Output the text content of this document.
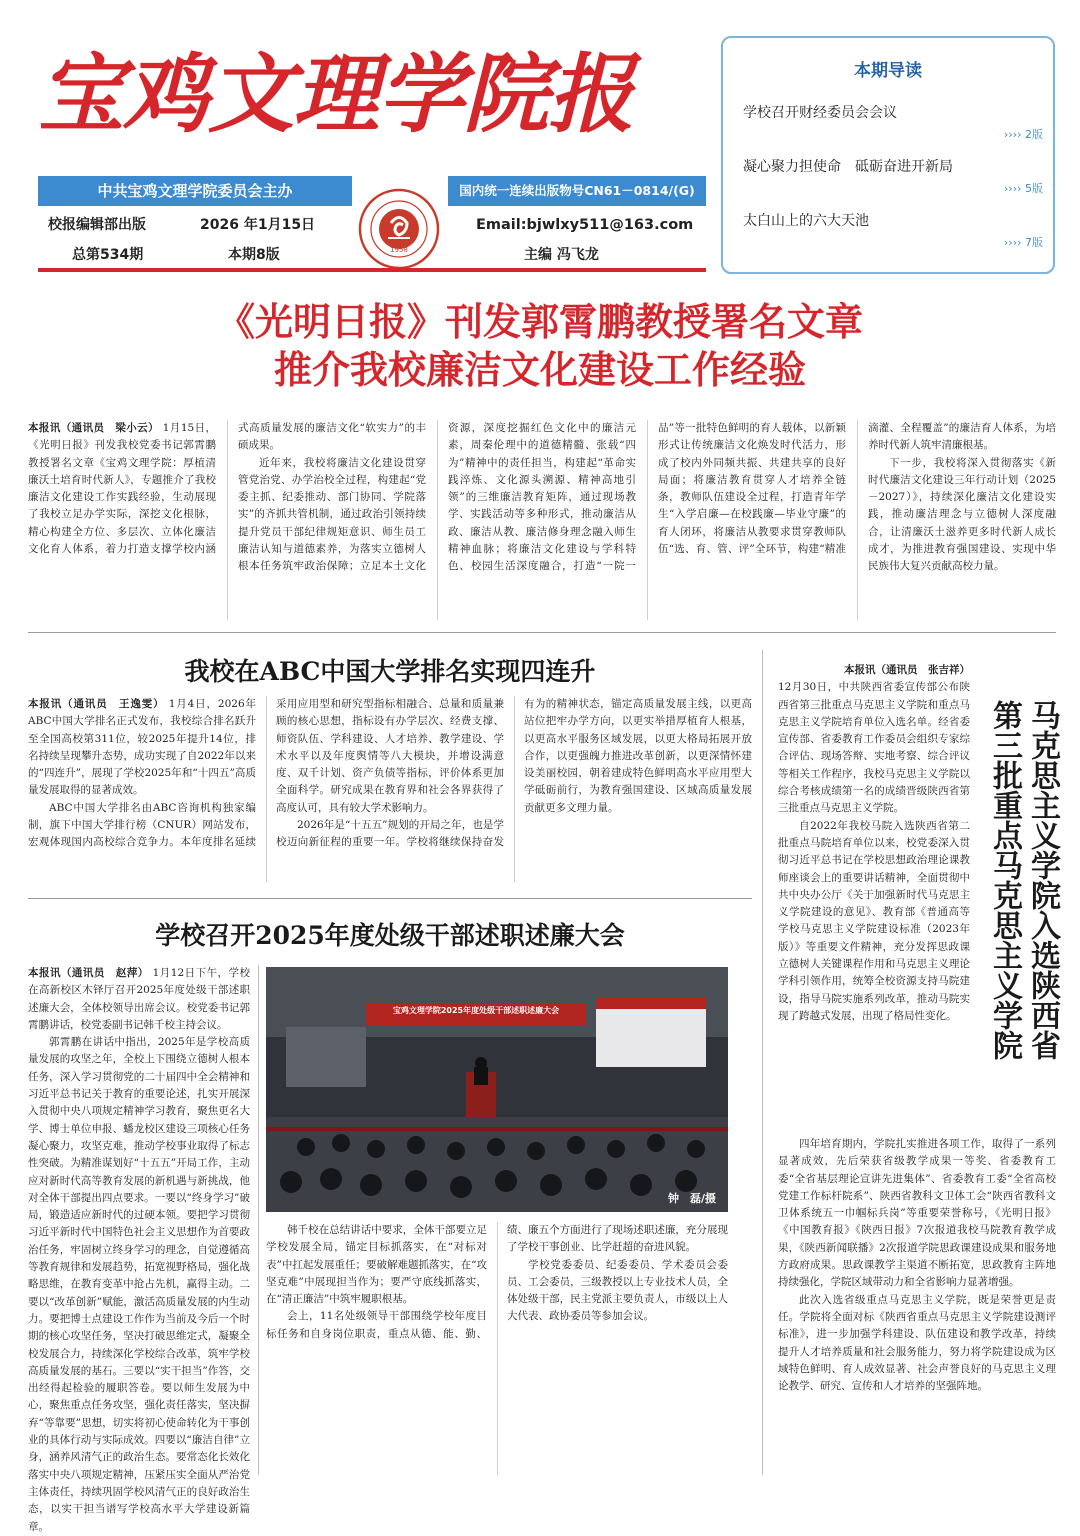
宝鸡文理学院报
中共宝鸡文理学院委员会主办	国内统一连续出版物号CN61－0814/(G)
1958
校报编辑部出版	2026 年1月15日
总第534期	本期8版
Email:bjwlxy511@163.com
主编 冯飞龙
本期导读
学校召开财经委员会会议
›››› 2版
凝心聚力担使命　砥砺奋进开新局
›››› 5版
太白山上的六大天池
›››› 7版
《光明日报》刊发郭霄鹏教授署名文章
推介我校廉洁文化建设工作经验

本报讯（通讯员　梁小云） 1月15日，《光明日报》刊发我校党委书记郭霄鹏教授署名文章《宝鸡文理学院：厚植清廉沃土培育时代新人》，专题推介了我校廉洁文化建设工作实践经验，生动展现了我校立足办学实际，深挖文化根脉，精心构建全方位、多层次、立体化廉洁文化育人体系，着力打造支撑学校内涵式高质量发展的廉洁文化“软实力”的丰硕成果。

近年来，我校将廉洁文化建设贯穿管党治党、办学治校全过程，构建起“党委主抓、纪委推动、部门协同、学院落实”的齐抓共管机制，通过政治引领持续提升党员干部纪律规矩意识、师生员工廉洁认知与道德素养，为落实立德树人根本任务筑牢政治保障；立足本土文化资源，深度挖掘红色文化中的廉洁元素，周秦伦理中的道德精髓、张载“四为”精神中的责任担当，构建起“革命实践淬炼、文化源头溯源、精神高地引领”的三维廉洁教育矩阵，通过现场教学、实践活动等多种形式，推动廉洁从政、廉洁从教、廉洁修身理念融入师生精神血脉；将廉洁文化建设与学科特色、校园生活深度融合，打造“一院一品”等一批特色鲜明的育人载体，以新颖形式让传统廉洁文化焕发时代活力，形成了校内外同频共振、共建共享的良好局面；将廉洁教育贯穿人才培养全链条，教师队伍建设全过程，打造青年学生“入学启廉—在校践廉—毕业守廉”的育人闭环，将廉洁从教要求贯穿教师队伍“选、育、管、评”全环节，构建“精准滴灌、全程覆盖”的廉洁育人体系，为培养时代新人筑牢清廉根基。

下一步，我校将深入贯彻落实《新时代廉洁文化建设三年行动计划（2025－2027）》，持续深化廉洁文化建设实践，推动廉洁理念与立德树人深度融合，让清廉沃土滋养更多时代新人成长成才，为推进教育强国建设、实现中华民族伟大复兴贡献高校力量。

我校在ABC中国大学排名实现四连升

本报讯（通讯员　王逸雯） 1月4日，2026年ABC中国大学排名正式发布，我校综合排名跃升至全国高校第311位，较2025年提升14位，排名持续呈现攀升态势，成功实现了自2022年以来的“四连升”，展现了学校2025年和“十四五”高质量发展取得的显著成效。

ABC中国大学排名由ABC咨询机构独家编制，旗下中国大学排行榜（CNUR）网站发布，宏观体现国内高校综合竞争力。本年度排名延续采用应用型和研究型指标相融合、总量和质量兼顾的核心思想，指标设有办学层次、经费支撑、师资队伍、学科建设、人才培养、教学建设、学术水平以及年度舆情等八大模块，并增设满意度、双千计划、资产负债等指标，评价体系更加全面科学。研究成果在教育界和社会各界获得了高度认可，具有较大学术影响力。

2026年是“十五五”规划的开局之年，也是学校迈向新征程的重要一年。学校将继续保持奋发有为的精神状态，锚定高质量发展主线，以更高站位把牢办学方向，以更实举措厚植育人根基，以更高水平服务区域发展，以更大格局拓展开放合作，以更强魄力推进改革创新，以更深情怀建设美丽校园，朝着建成特色鲜明高水平应用型大学砥砺前行，为教育强国建设、区域高质量发展贡献更多文理力量。

学校召开2025年度处级干部述职述廉大会
宝鸡文理学院2025年度处级干部述职述廉大会
钟　磊/摄

本报讯（通讯员　赵萍） 1月12日下午，学校在高新校区木铎厅召开2025年度处级干部述职述廉大会，全体校领导出席会议。校党委书记郭霄鹏讲话，校党委副书记韩千校主持会议。

郭霄鹏在讲话中指出，2025年是学校高质量发展的攻坚之年，全校上下围绕立德树人根本任务，深入学习贯彻党的二十届四中全会精神和习近平总书记关于教育的重要论述，扎实开展深入贯彻中央八项规定精神学习教育，聚焦更名大学、博士单位申报、蟠龙校区建设三项核心任务凝心聚力，攻坚克难，推动学校事业取得了标志性突破。为精准谋划好“十五五”开局工作，主动应对新时代高等教育发展的新机遇与新挑战，他对全体干部提出四点要求。一要以“终身学习”破局，锻造适应新时代的过硬本领。要把学习贯彻习近平新时代中国特色社会主义思想作为首要政治任务，牢固树立终身学习的理念，自觉遵循高等教育规律和发展趋势，拓宽视野格局，强化战略思维，在教育变革中抢占先机，赢得主动。二要以“改革创新”赋能，激活高质量发展的内生动力。要把博士点建设工作作为当前及今后一个时期的核心攻坚任务，坚决打破思维定式，凝聚全校发展合力，持续深化学校综合改革，筑牢学校高质量发展的基石。三要以“实干担当”作答，交出经得起检验的履职答卷。要以师生发展为中心，聚焦重点任务攻坚，强化责任落实，坚决摒弃“等靠要”思想，切实将初心使命转化为干事创业的具体行动与实际成效。四要以“廉洁自律”立身，涵养风清气正的政治生态。要常态化长效化落实中央八项规定精神，压紧压实全面从严治党主体责任，持续巩固学校风清气正的良好政治生态，以实干担当谱写学校高水平大学建设新篇章。

韩千校在总结讲话中要求，全体干部要立足学校发展全局，锚定目标抓落实，在“对标对表”中扛起发展重任；要破解难题抓落实，在“攻坚克难”中展现担当作为；要严守底线抓落实，在“清正廉洁”中筑牢履职根基。

会上，11名处级领导干部围绕学校年度目标任务和自身岗位职责，重点从德、能、勤、绩、廉五个方面进行了现场述职述廉，充分展现了学校干事创业、比学赶超的奋进风貌。

学校党委委员、纪委委员、学术委员会委员、工会委员，三级教授以上专业技术人员，全体处级干部，民主党派主要负责人，市级以上人大代表、政协委员等参加会议。

马克思主义学院入选陕西省
第三批重点马克思主义学院

本报讯（通讯员　张吉祥）

12月30日，中共陕西省委宣传部公布陕西省第三批重点马克思主义学院和重点马克思主义学院培育单位入选名单。经省委宣传部、省委教育工作委员会组织专家综合评估、现场答辩、实地考察、综合评议等相关工作程序，我校马克思主义学院以综合考核成绩第一名的成绩晋级陕西省第三批重点马克思主义学院。

自2022年我校马院入选陕西省第二批重点马院培育单位以来，校党委深入贯彻习近平总书记在学校思想政治理论课教师座谈会上的重要讲话精神，全面贯彻中共中央办公厅《关于加强新时代马克思主义学院建设的意见》、教育部《普通高等学校马克思主义学院建设标准（2023年版）》等重要文件精神，充分发挥思政课立德树人关键课程作用和马克思主义理论学科引领作用，统筹全校资源支持马院建设，指导马院实施系列改革，推动马院实现了跨越式发展，出现了格局性变化。

四年培育期内，学院扎实推进各项工作，取得了一系列显著成效，先后荣获省级教学成果一等奖、省委教育工委“全省基层理论宣讲先进集体”、省委教育工委“全省高校党建工作标杆院系”、陕西省教科文卫体工会“陕西省教科文卫体系统五一巾帼标兵岗”等重要荣誉称号，《光明日报》《中国教育报》《陕西日报》7次报道我校马院教育教学成果，《陕西新闻联播》2次报道学院思政课建设成果和服务地方政府成果。思政课教学主渠道不断拓宽，思政教育主阵地持续强化，学院区域带动力和全省影响力显著增强。

此次入选省级重点马克思主义学院，既是荣誉更是责任。学院将全面对标《陕西省重点马克思主义学院建设测评标准》，进一步加强学科建设、队伍建设和教学改革，持续提升人才培养质量和社会服务能力，努力将学院建设成为区域特色鲜明、育人成效显著、社会声誉良好的马克思主义理论教学、研究、宣传和人才培养的坚强阵地。
